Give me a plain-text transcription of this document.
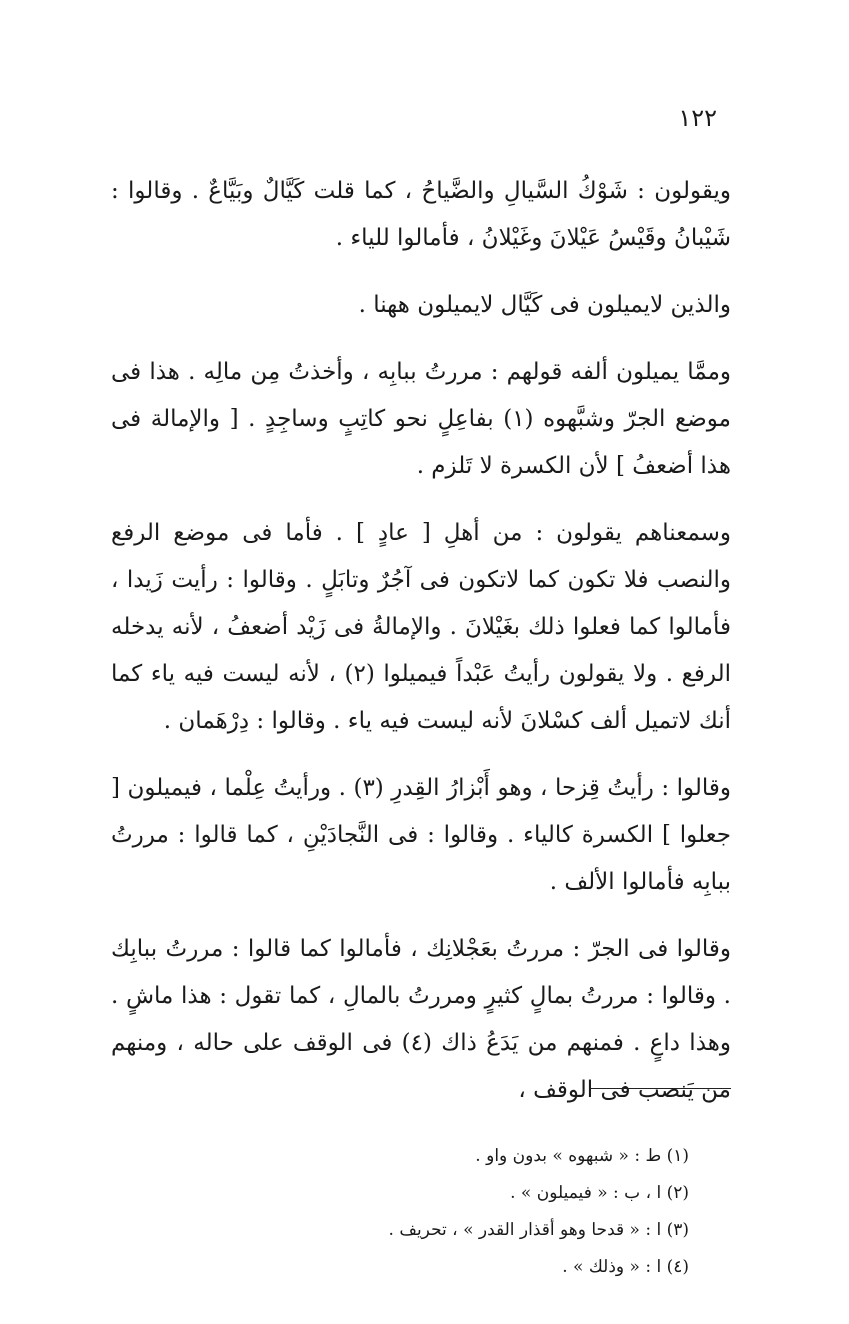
١٢٢

ويقولون : شَوْكُ السَّيالِ والضَّياحُ ، كما قلت كَيَّالٌ وبَيَّاعٌ . وقالوا : شَيْبانُ وقَيْسُ عَيْلانَ وغَيْلانُ ، فأمالوا للياء .

والذين لايميلون فى كَيَّال لايميلون ههنا .

وممَّا يميلون ألفه قولهم : مررتُ ببابِه ، وأخذتُ مِن مالِه . هذا فى موضع الجرّ وشبَّهوه (١) بفاعِلٍ نحو كاتِبٍ وساجِدٍ . [ والإمالة فى هذا أضعفُ ] لأن الكسرة لا تَلزم .

وسمعناهم يقولون : من أهلِ [ عادٍ ] . فأما فى موضع الرفع والنصب فلا تكون كما لاتكون فى آجُرٌ وتابَلٍ . وقالوا : رأيت زَيدا ، فأمالوا كما فعلوا ذلك بغَيْلانَ . والإمالةُ فى زَيْد أضعفُ ، لأنه يدخله الرفع . ولا يقولون رأيتُ عَبْداً فيميلوا (٢) ، لأنه ليست فيه ياء كما أنك لاتميل ألف كسْلانَ لأنه ليست فيه ياء . وقالوا : دِرْهَمان .

وقالوا : رأيتُ قِزحا ، وهو أَبْزارُ القِدرِ (٣) . ورأيتُ عِلْما ، فيميلون [ جعلوا ] الكسرة كالياء . وقالوا : فى النَّجادَيْنِ ، كما قالوا : مررتُ ببابِه فأمالوا الألف .

وقالوا فى الجرّ : مررتُ بعَجْلانِك ، فأمالوا كما قالوا : مررتُ ببابِك . وقالوا : مررتُ بمالٍ كثيرٍ ومررتُ بالمالِ ، كما تقول : هذا ماشٍ . وهذا داعٍ . فمنهم من يَدَعُ ذاك (٤) فى الوقف على حاله ، ومنهم من يَنصب فى الوقف ،

(١) ط : « شبهوه » بدون واو .

(٢) ا ، ب : « فيميلون » .

(٣) ا : « قدحا وهو أقذار القدر » ، تحريف .

(٤) ا : « وذلك » .
